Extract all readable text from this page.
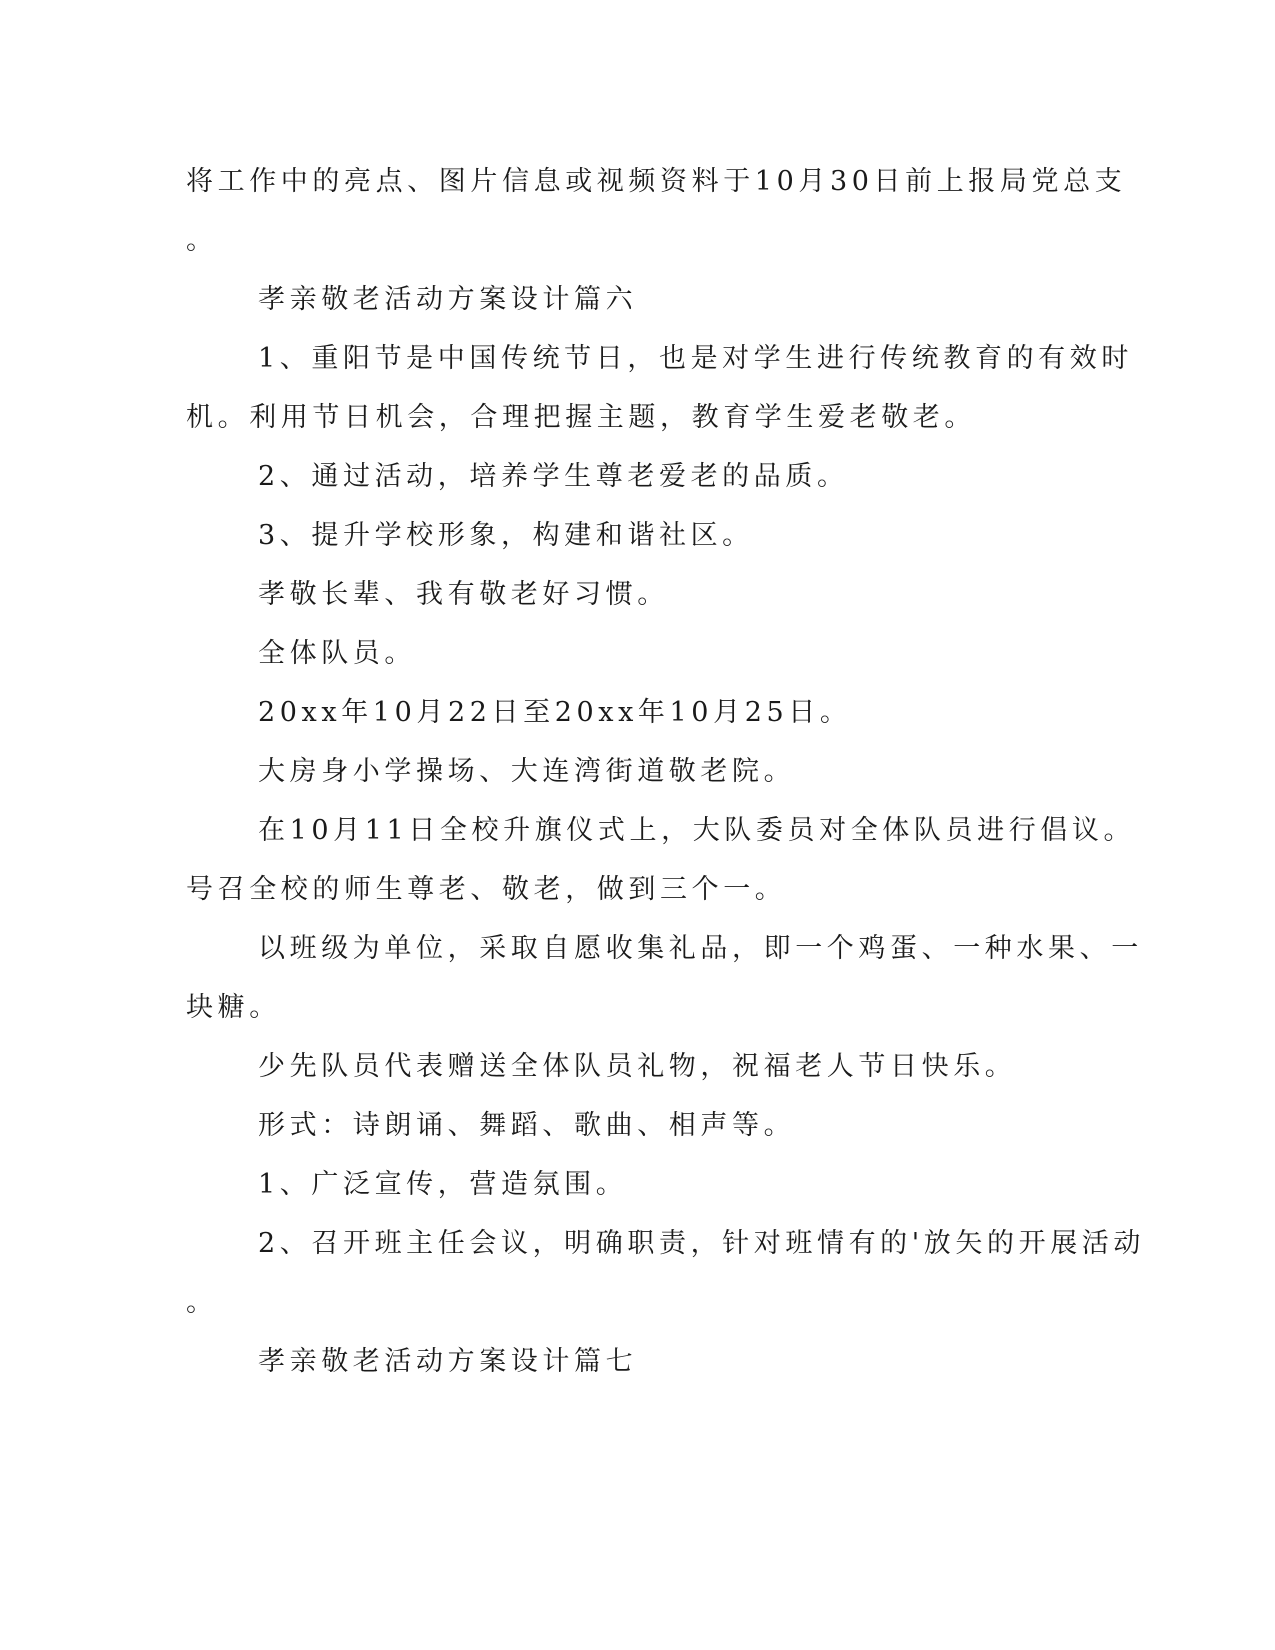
将工作中的亮点、图片信息或视频资料于10月30日前上报局党总支
。
孝亲敬老活动方案设计篇六
1、重阳节是中国传统节日，也是对学生进行传统教育的有效时
机。利用节日机会，合理把握主题，教育学生爱老敬老。
2、通过活动，培养学生尊老爱老的品质。
3、提升学校形象，构建和谐社区。
孝敬长辈、我有敬老好习惯。
全体队员。
20xx年10月22日至20xx年10月25日。
大房身小学操场、大连湾街道敬老院。
在10月11日全校升旗仪式上，大队委员对全体队员进行倡议。
号召全校的师生尊老、敬老，做到三个一。
以班级为单位，采取自愿收集礼品，即一个鸡蛋、一种水果、一
块糖。
少先队员代表赠送全体队员礼物，祝福老人节日快乐。
形式：诗朗诵、舞蹈、歌曲、相声等。
1、广泛宣传，营造氛围。
2、召开班主任会议，明确职责，针对班情有的'放矢的开展活动
。
孝亲敬老活动方案设计篇七
